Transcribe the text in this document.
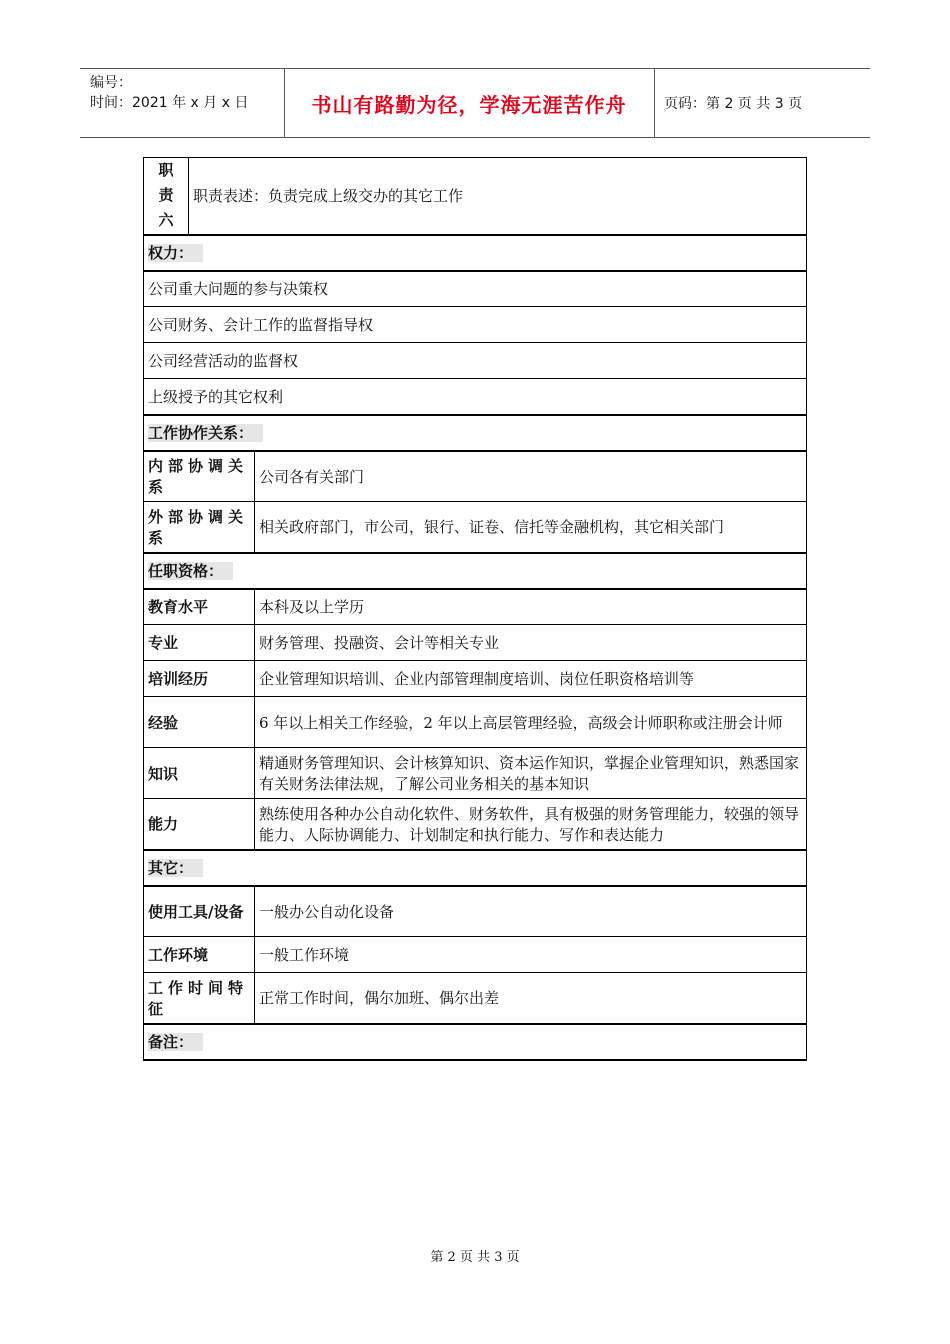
编号：
时间：2021 年 x 月 x 日	书山有路勤为径，学海无涯苦作舟	页码：第 2 页 共 3 页
职
责
六	职责表述：负责完成上级交办的其它工作	
权力：		
公司重大问题的参与决策权		
公司财务、会计工作的监督指导权		
公司经营活动的监督权		
上级授予的其它权利		
工作协作关系：		
内部协调关系		公司各有关部门
外部协调关系		相关政府部门，市公司，银行、证卷、信托等金融机构，其它相关部门
任职资格：		
教育水平		本科及以上学历
专业		财务管理、投融资、会计等相关专业
培训经历		企业管理知识培训、企业内部管理制度培训、岗位任职资格培训等
经验		6 年以上相关工作经验，2 年以上高层管理经验，高级会计师职称或注册会计师
知识		精通财务管理知识、会计核算知识、资本运作知识，掌握企业管理知识，熟悉国家有关财务法律法规，了解公司业务相关的基本知识
能力		熟练使用各种办公自动化软件、财务软件，具有极强的财务管理能力，较强的领导能力、人际协调能力、计划制定和执行能力、写作和表达能力
其它：		
使用工具/设备		一般办公自动化设备
工作环境		一般工作环境
工作时间特征		正常工作时间，偶尔加班、偶尔出差
备注：		
第 2 页 共 3 页
